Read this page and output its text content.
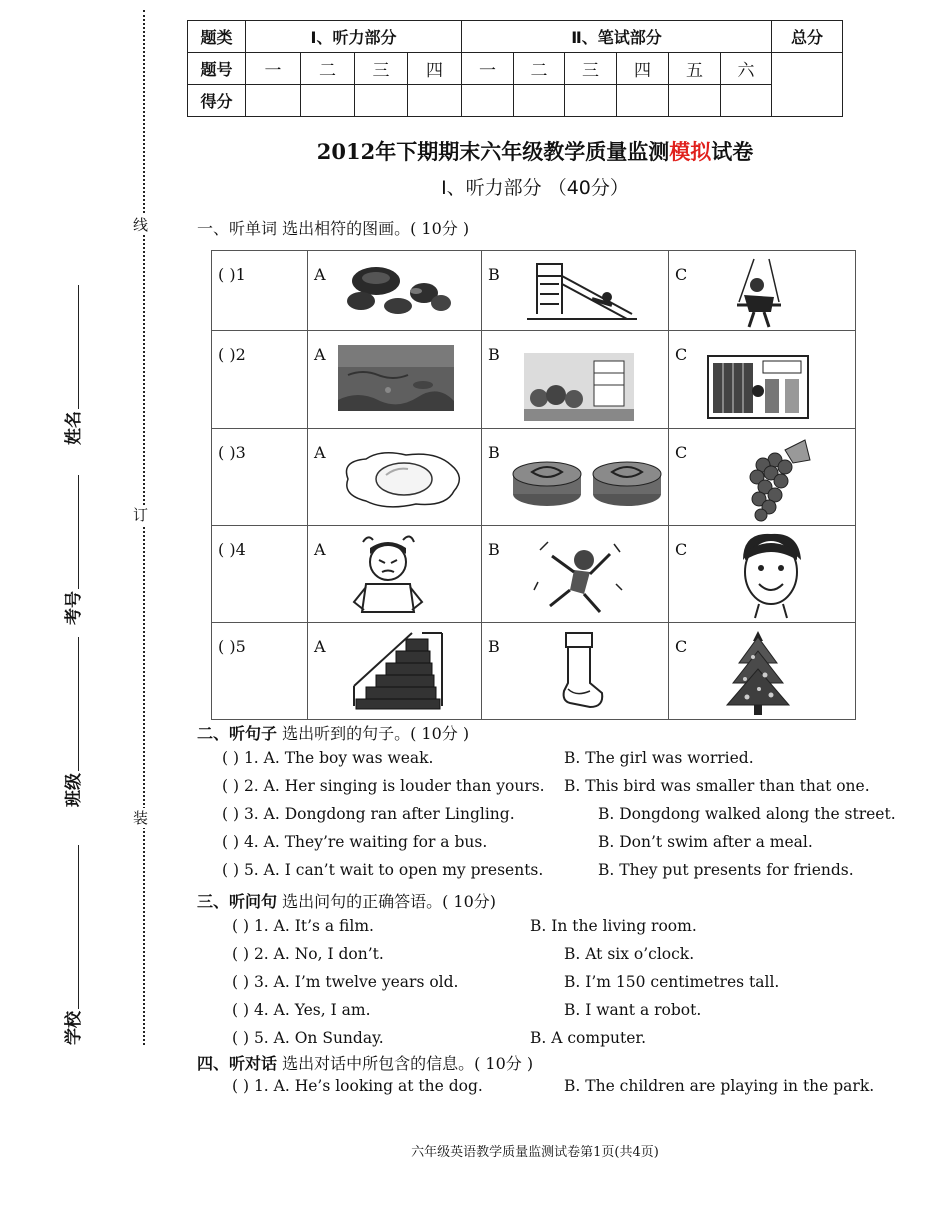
线
订
装
姓名
考号
班级
学校
题类	Ⅰ、听力部分				Ⅱ、笔试部分						总分
题号	一	二	三	四	一	二	三	四	五	六	
得分											
2012年下期期末六年级教学质量监测模拟试卷
Ⅰ、听力部分 （40分）
一、听单词 选出相符的图画。( 10分 )
( )1	A	B	C

( )2	A	B	C

( )3	A	B	C

( )4	A	B	C

( )5	A	B	C
二、听句子 选出听到的句子。( 10分 )
( ) 1. A. The boy was weak.	B. The girl was worried.
( ) 2. A. Her singing is louder than yours. B. This bird was smaller than that one.
( ) 3. A. Dongdong ran after Lingling.	B. Dongdong walked along the street.
( ) 4. A. They’re waiting for a bus.	B. Don’t swim after a meal.
( ) 5. A. I can’t wait to open my presents.	B. They put presents for friends.
三、听问句 选出问句的正确答语。( 10分)
( ) 1. A. It’s a film.	B. In the living room.
( ) 2. A. No, I don’t.	B. At six o’clock.
( ) 3. A. I’m twelve years old.	B. I’m 150 centimetres tall.
( ) 4. A. Yes, I am.	B. I want a robot.
( ) 5. A. On Sunday.	B. A computer.
四、听对话 选出对话中所包含的信息。( 10分 )
( ) 1. A. He’s looking at the dog.	B. The children are playing in the park.
六年级英语教学质量监测试卷第1页(共4页)
